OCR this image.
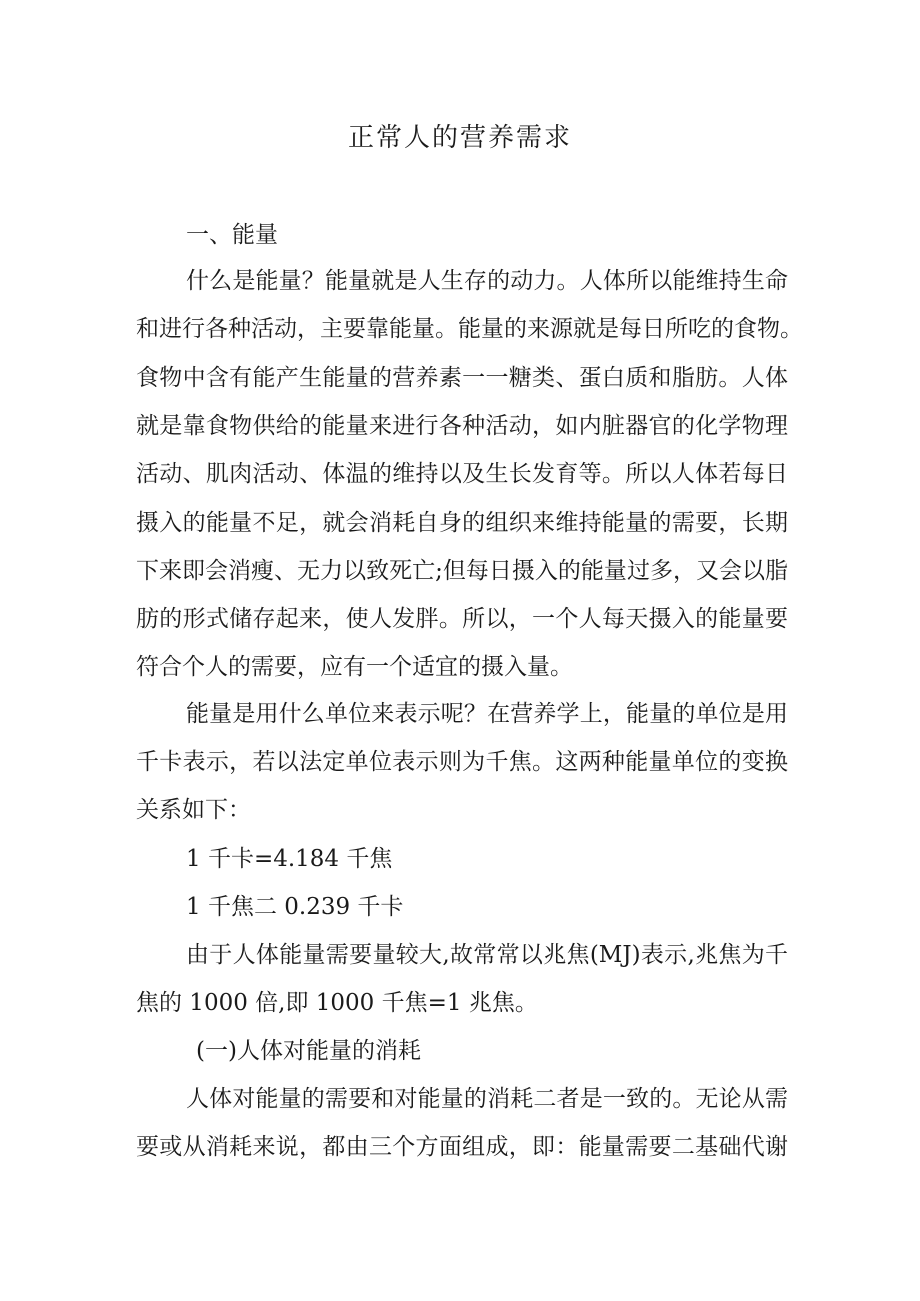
正常人的营养需求
一、能量
什么是能量？能量就是人生存的动力。人体所以能维持生命
和进行各种活动，主要靠能量。能量的来源就是每日所吃的食物。
食物中含有能产生能量的营养素一一糖类、蛋白质和脂肪。人体
就是靠食物供给的能量来进行各种活动，如内脏器官的化学物理
活动、肌肉活动、体温的维持以及生长发育等。所以人体若每日
摄入的能量不足，就会消耗自身的组织来维持能量的需要，长期
下来即会消瘦、无力以致死亡;但每日摄入的能量过多，又会以脂
肪的形式储存起来，使人发胖。所以，一个人每天摄入的能量要
符合个人的需要，应有一个适宜的摄入量。
能量是用什么单位来表示呢？在营养学上，能量的单位是用
千卡表示，若以法定单位表示则为千焦。这两种能量单位的变换
关系如下：
1 千卡=4.184 千焦
1 千焦二 0.239 千卡
由于人体能量需要量较大,故常常以兆焦(MJ)表示,兆焦为千
焦的 1000 倍,即 1000 千焦=1 兆焦。
(一)人体对能量的消耗
人体对能量的需要和对能量的消耗二者是一致的。无论从需
要或从消耗来说，都由三个方面组成，即：能量需要二基础代谢
